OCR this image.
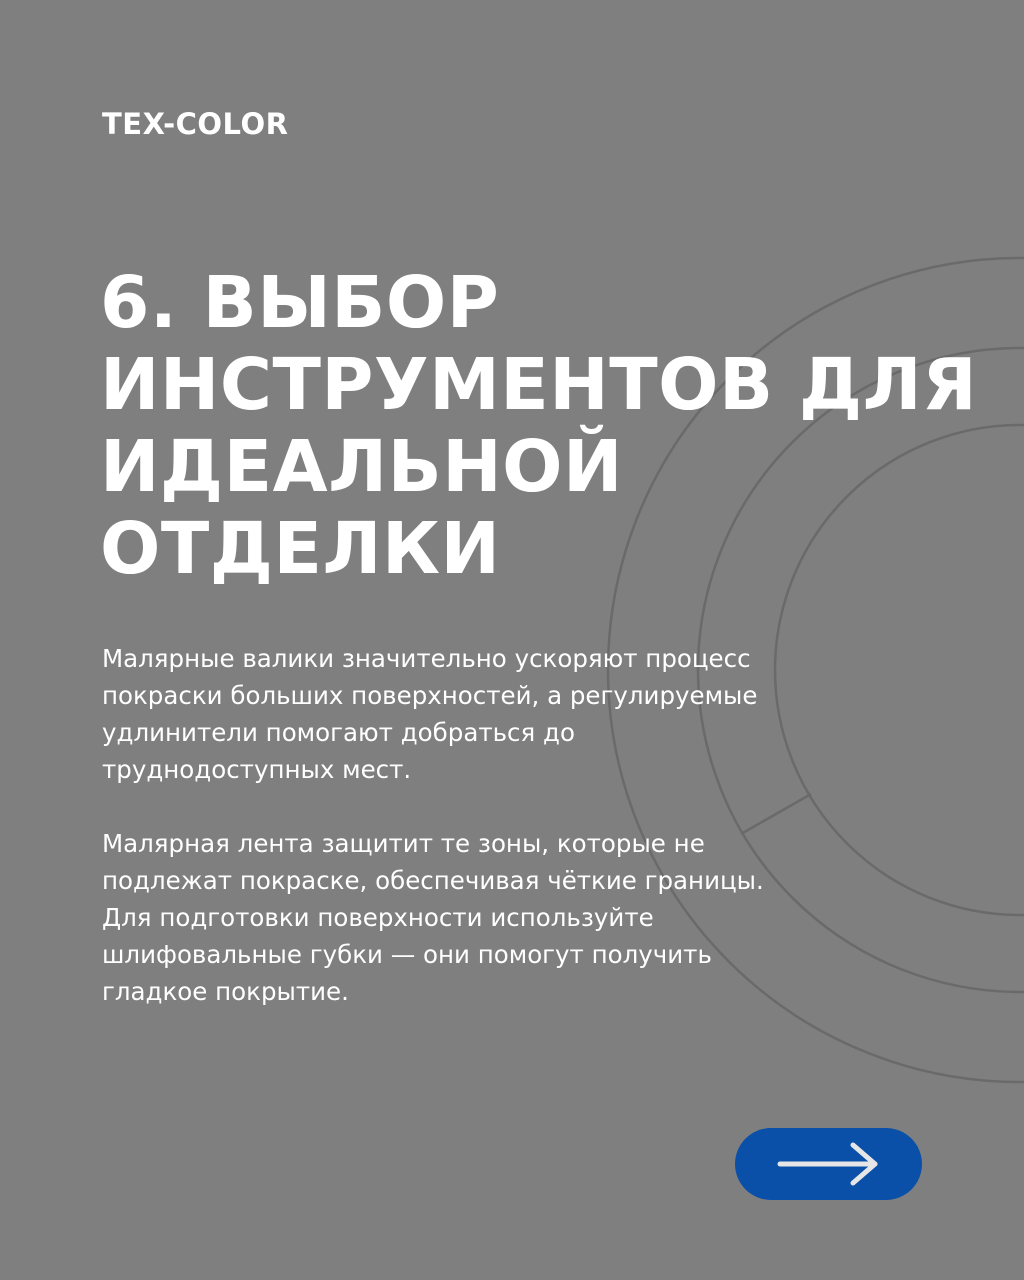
TEX-COLOR
6. ВЫБОР
ИНСТРУМЕНТОВ ДЛЯ
ИДЕАЛЬНОЙ
ОТДЕЛКИ
Малярные валики значительно ускоряют процесс
покраски больших поверхностей, а регулируемые
удлинители помогают добраться до
труднодоступных мест.
Малярная лента защитит те зоны, которые не
подлежат покраске, обеспечивая чёткие границы.
Для подготовки поверхности используйте
шлифовальные губки — они помогут получить
гладкое покрытие.
